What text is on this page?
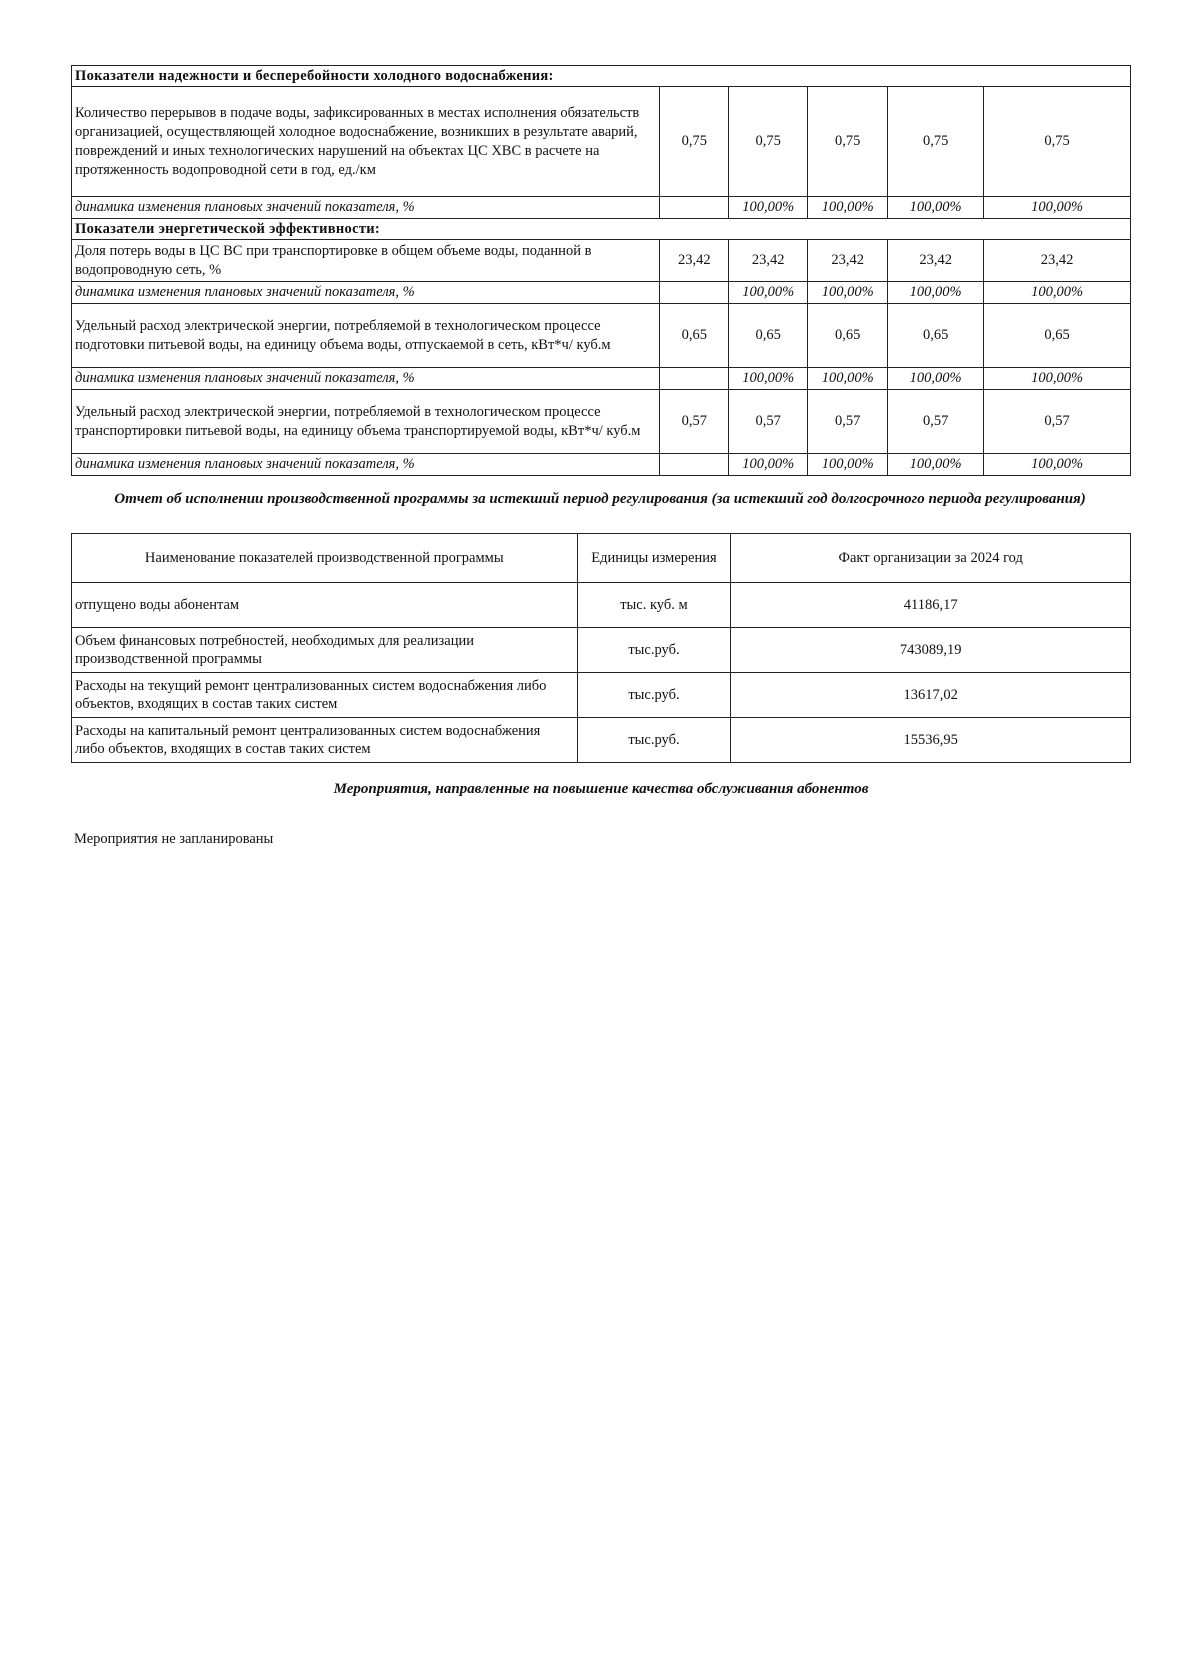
Показатели надежности и бесперебойности холодного водоснабжения:					
Количество перерывов в подаче воды, зафиксированных в местах исполнения обязательств организацией, осуществляющей холодное водоснабжение, возникших в результате аварий, повреждений и иных технологических нарушений на объектах ЦС ХВС в расчете на протяженность водопроводной сети в год, ед./км	0,75	0,75	0,75	0,75	0,75
динамика изменения плановых значений показателя, %		100,00%	100,00%	100,00%	100,00%
Показатели энергетической эффективности:					
Доля потерь воды в ЦС ВС при транспортировке в общем объеме воды, поданной в водопроводную сеть, %	23,42	23,42	23,42	23,42	23,42
динамика изменения плановых значений показателя, %		100,00%	100,00%	100,00%	100,00%
Удельный расход электрической энергии, потребляемой в технологическом процессе подготовки питьевой воды, на единицу объема воды, отпускаемой в сеть, кВт*ч/ куб.м	0,65	0,65	0,65	0,65	0,65
динамика изменения плановых значений показателя, %		100,00%	100,00%	100,00%	100,00%
Удельный расход электрической энергии, потребляемой в технологическом процессе транспортировки питьевой воды, на единицу объема транспортируемой воды, кВт*ч/ куб.м	0,57	0,57	0,57	0,57	0,57
динамика изменения плановых значений показателя, %		100,00%	100,00%	100,00%	100,00%
Отчет об исполнении производственной программы за истекший период регулирования (за истекший год долгосрочного периода регулирования)
Наименование показателей производственной программы	Единицы измерения	Факт организации за 2024 год
отпущено воды абонентам	тыс. куб. м	41186,17
Объем финансовых потребностей, необходимых для реализации производственной программы	тыс.руб.	743089,19
Расходы на текущий ремонт централизованных систем водоснабжения либо объектов, входящих в состав таких систем	тыс.руб.	13617,02
Расходы на капитальный ремонт централизованных систем водоснабжения либо объектов, входящих в состав таких систем	тыс.руб.	15536,95
Мероприятия, направленные на повышение качества обслуживания абонентов
Мероприятия не запланированы
